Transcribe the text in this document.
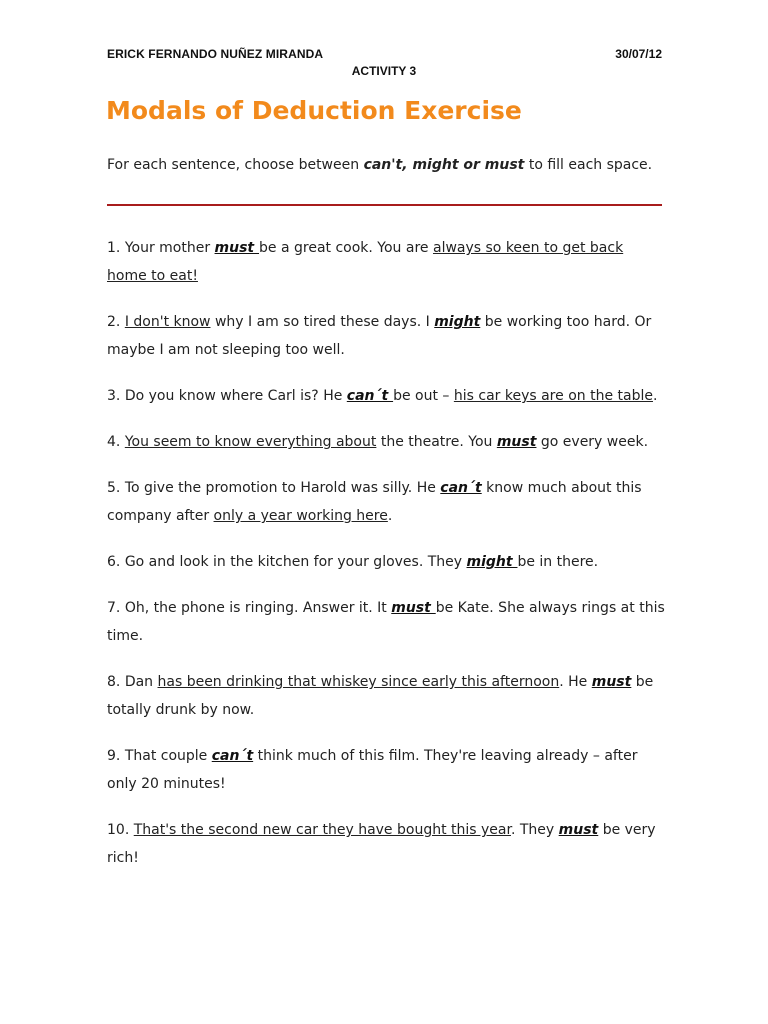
ERICK FERNANDO NUÑEZ MIRANDA	30/07/12
ACTIVITY 3
Modals of Deduction Exercise
For each sentence, choose between can't, might or must to fill each space.

1. Your mother must be a great cook. You are always so keen to get back home to eat!

2. I don't know why I am so tired these days. I might be working too hard. Or maybe I am not sleeping too well.

3. Do you know where Carl is? He can´t be out – his car keys are on the table.

4. You seem to know everything about the theatre. You must go every week.

5. To give the promotion to Harold was silly. He can´t know much about this company after only a year working here.

6. Go and look in the kitchen for your gloves. They might be in there.

7. Oh, the phone is ringing. Answer it. It must be Kate. She always rings at this time.

8. Dan has been drinking that whiskey since early this afternoon. He must be totally drunk by now.

9. That couple can´t think much of this film. They're leaving already – after only 20 minutes!

10. That's the second new car they have bought this year. They must be very rich!
